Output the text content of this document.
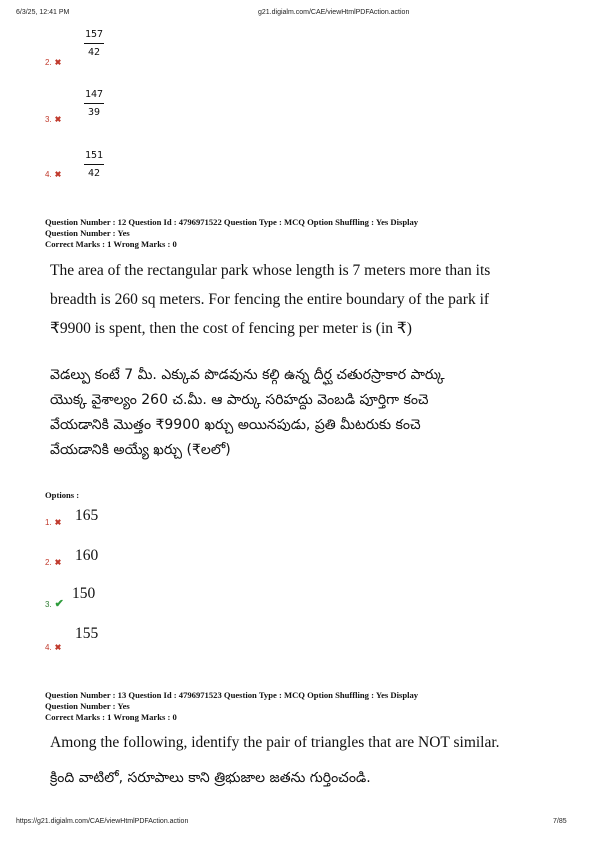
6/3/25, 12:41 PM	g21.digialm.com/CAE/viewHtmlPDFAction.action
157
42
2. ✖
147
39
3. ✖
151
42
4. ✖
Question Number : 12 Question Id : 4796971522 Question Type : MCQ Option Shuffling : Yes Display
Question Number : Yes
Correct Marks : 1 Wrong Marks : 0
The area of the rectangular park whose length is 7 meters more than its
breadth is 260 sq meters. For fencing the entire boundary of the park if
₹9900 is spent, then the cost of fencing per meter is (in ₹)
వెడల్పు కంటే 7 మీ. ఎక్కువ పొడవును కల్గి ఉన్న దీర్ఘ చతురస్రాకార పార్కు
యొక్క వైశాల్యం 260 చ.మీ. ఆ పార్కు సరిహద్దు వెంబడి పూర్తిగా కంచె
వేయడానికి మొత్తం ₹9900 ఖర్చు అయినపుడు, ప్రతి మీటరుకు కంచె
వేయడానికి అయ్యే ఖర్చు (₹లలో)
Options :
1. ✖ 165
2. ✖ 160
3. ✔
150
155
4. ✖
Question Number : 13 Question Id : 4796971523 Question Type : MCQ Option Shuffling : Yes Display
Question Number : Yes
Correct Marks : 1 Wrong Marks : 0
Among the following, identify the pair of triangles that are NOT similar.
క్రింది వాటిలో, సరూపాలు కాని త్రిభుజాల జతను గుర్తించండి.
https://g21.digialm.com/CAE/viewHtmlPDFAction.action	7/85
